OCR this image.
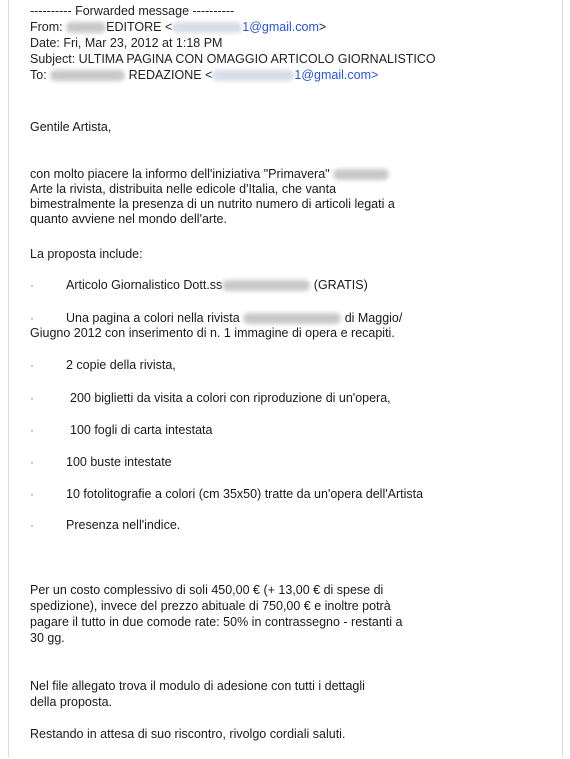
---------- Forwarded message ----------
From:	EDITORE <	1@gmail.com>
Date: Fri, Mar 23, 2012 at 1:18 PM
Subject: ULTIMA PAGINA CON OMAGGIO ARTICOLO GIORNALISTICO
To:	REDAZIONE <	1@gmail.com>
Gentile Artista,
con molto piacere la informo dell'iniziativa "Primavera"
Arte la rivista, distribuita nelle edicole d'Italia, che vanta
bimestralmente la presenza di un nutrito numero di articoli legati a
quanto avviene nel mondo dell'arte.
La proposta include:
·	Articolo Giornalistico Dott.ss	(GRATIS)
·	Una pagina a colori nella rivista	di Maggio/
Giugno 2012 con inserimento di n. 1 immagine di opera e recapiti.
·	2 copie della rivista,
·	200 biglietti da visita a colori con riproduzione di un'opera,
·	100 fogli di carta intestata
·	100 buste intestate
·	10 fotolitografie a colori (cm 35x50) tratte da un'opera dell'Artista
·	Presenza nell'indice.
Per un costo complessivo di soli 450,00 € (+ 13,00 € di spese di
spedizione), invece del prezzo abituale di 750,00 € e inoltre potrà
pagare il tutto in due comode rate: 50% in contrassegno - restanti a
30 gg.
Nel file allegato trova il modulo di adesione con tutti i dettagli
della proposta.
Restando in attesa di suo riscontro, rivolgo cordiali saluti.
